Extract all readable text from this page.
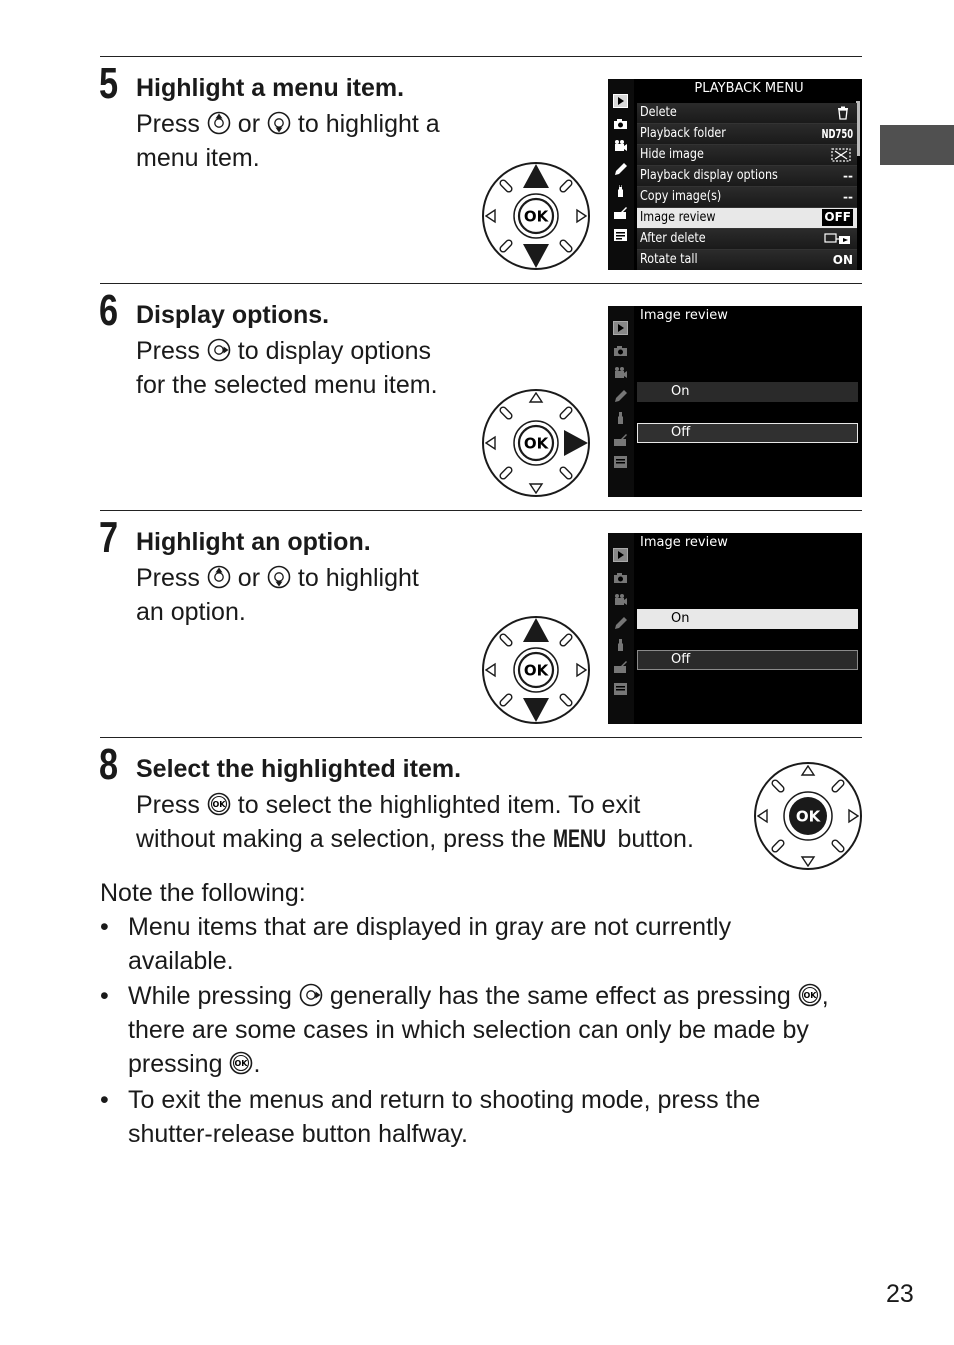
5 Highlight a menu item.
Press  or  to highlight a
menu item.
OK
PLAYBACK MENU
Delete
Playback folder	ND750
Hide image
Playback display options	--
Copy image(s)	--
Image review	OFF
After delete
Rotate tall	ON
6 Display options.
Press  to display options
for the selected menu item.
OK
Image review
On
Off
7 Highlight an option.
Press  or  to highlight
an option.
OK
Image review
On
Off
8 Select the highlighted item.
Press  to select the highlighted item. To exit
without making a selection, press the MENU button.
OK
Note the following:
• Menu items that are displayed in gray are not currently
available.
• While pressing  generally has the same effect as pressing ,
there are some cases in which selection can only be made by
pressing .
• To exit the menus and return to shooting mode, press the
shutter-release button halfway.
23
